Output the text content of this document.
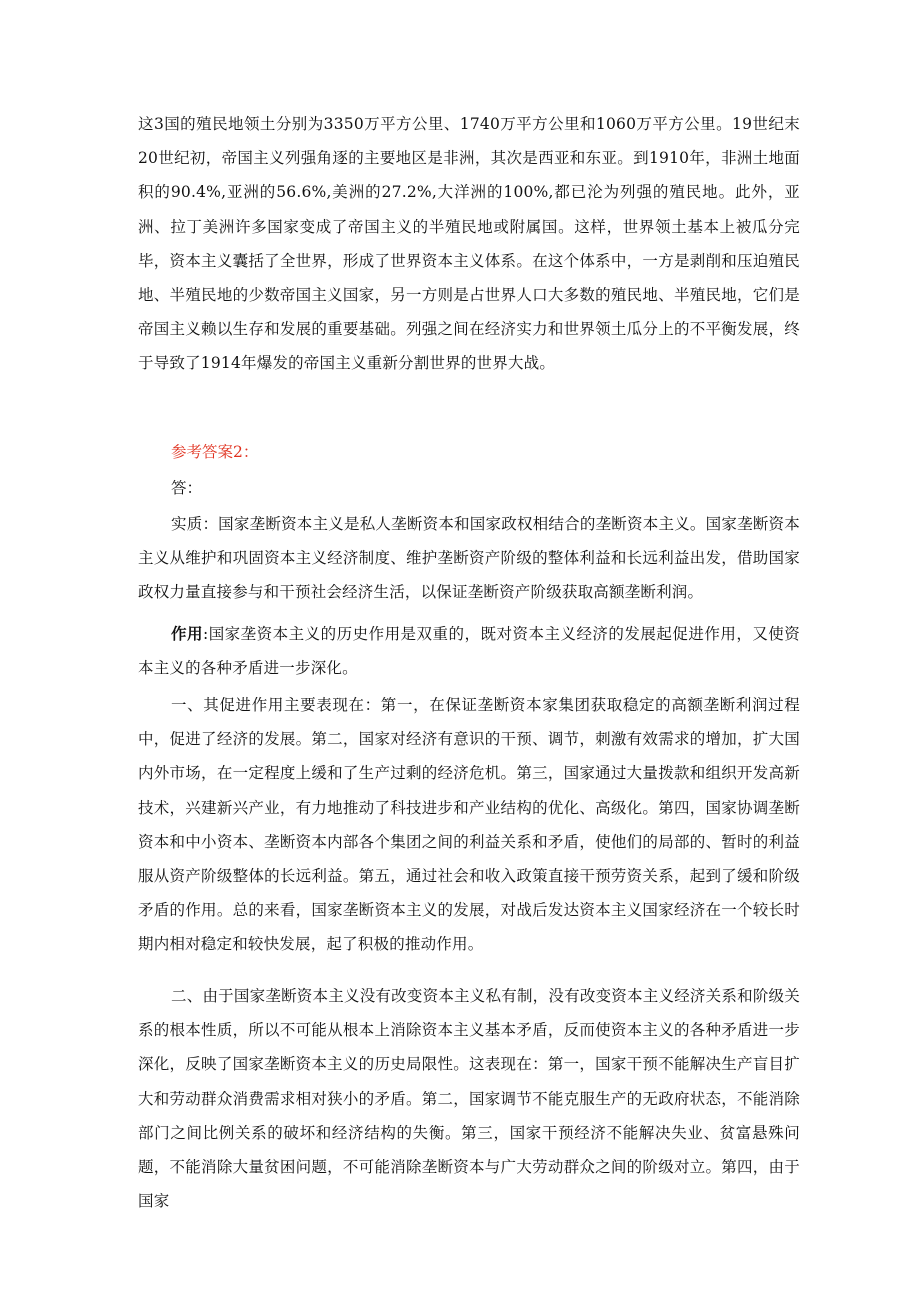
这3国的殖民地领土分别为3350万平方公里、1740万平方公里和1060万平方公里。19世纪末20世纪初，帝国主义列强角逐的主要地区是非洲，其次是西亚和东亚。到1910年，非洲土地面积的90.4%,亚洲的56.6%,美洲的27.2%,大洋洲的100%,都已沦为列强的殖民地。此外，亚洲、拉丁美洲许多国家变成了帝国主义的半殖民地或附属国。这样，世界领土基本上被瓜分完毕，资本主义囊括了全世界，形成了世界资本主义体系。在这个体系中，一方是剥削和压迫殖民地、半殖民地的少数帝国主义国家，另一方则是占世界人口大多数的殖民地、半殖民地，它们是帝国主义赖以生存和发展的重要基础。列强之间在经济实力和世界领土瓜分上的不平衡发展，终于导致了1914年爆发的帝国主义重新分割世界的世界大战。
参考答案2：
答：
实质：国家垄断资本主义是私人垄断资本和国家政权相结合的垄断资本主义。国家垄断资本主义从维护和巩固资本主义经济制度、维护垄断资产阶级的整体利益和长远利益出发，借助国家政权力量直接参与和干预社会经济生活，以保证垄断资产阶级获取高额垄断利润。
作用:国家垄资本主义的历史作用是双重的，既对资本主义经济的发展起促进作用，又使资本主义的各种矛盾进一步深化。
一、其促进作用主要表现在：第一，在保证垄断资本家集团获取稳定的高额垄断利润过程中，促进了经济的发展。第二，国家对经济有意识的干预、调节，刺激有效需求的增加，扩大国内外市场，在一定程度上缓和了生产过剩的经济危机。第三，国家通过大量拨款和组织开发高新技术，兴建新兴产业，有力地推动了科技进步和产业结构的优化、高级化。第四，国家协调垄断资本和中小资本、垄断资本内部各个集团之间的利益关系和矛盾，使他们的局部的、暂时的利益服从资产阶级整体的长远利益。第五，通过社会和收入政策直接干预劳资关系，起到了缓和阶级矛盾的作用。总的来看，国家垄断资本主义的发展，对战后发达资本主义国家经济在一个较长时期内相对稳定和较快发展，起了积极的推动作用。
二、由于国家垄断资本主义没有改变资本主义私有制，没有改变资本主义经济关系和阶级关系的根本性质，所以不可能从根本上消除资本主义基本矛盾，反而使资本主义的各种矛盾进一步深化，反映了国家垄断资本主义的历史局限性。这表现在：第一，国家干预不能解决生产盲目扩大和劳动群众消费需求相对狭小的矛盾。第二，国家调节不能克服生产的无政府状态，不能消除部门之间比例关系的破坏和经济结构的失衡。第三，国家干预经济不能解决失业、贫富悬殊问题，不能消除大量贫困问题，不可能消除垄断资本与广大劳动群众之间的阶级对立。第四，由于国家
